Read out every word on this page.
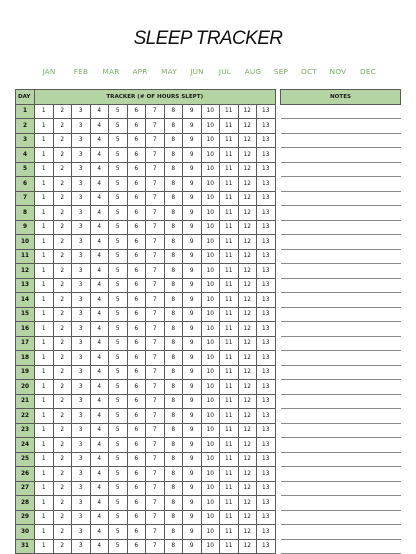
SLEEP TRACKER
JAN	FEB	MAR	APR	MAY	JUN	JUL	AUG	SEP	OCT	NOV	DEC
DAY	TRACKER (# OF HOURS SLEPT)												
1	1	2	3	4	5	6	7	8	9	10	11	12	13
2	1	2	3	4	5	6	7	8	9	10	11	12	13
3	1	2	3	4	5	6	7	8	9	10	11	12	13
4	1	2	3	4	5	6	7	8	9	10	11	12	13
5	1	2	3	4	5	6	7	8	9	10	11	12	13
6	1	2	3	4	5	6	7	8	9	10	11	12	13
7	1	2	3	4	5	6	7	8	9	10	11	12	13
8	1	2	3	4	5	6	7	8	9	10	11	12	13
9	1	2	3	4	5	6	7	8	9	10	11	12	13
10	1	2	3	4	5	6	7	8	9	10	11	12	13
11	1	2	3	4	5	6	7	8	9	10	11	12	13
12	1	2	3	4	5	6	7	8	9	10	11	12	13
13	1	2	3	4	5	6	7	8	9	10	11	12	13
14	1	2	3	4	5	6	7	8	9	10	11	12	13
15	1	2	3	4	5	6	7	8	9	10	11	12	13
16	1	2	3	4	5	6	7	8	9	10	11	12	13
17	1	2	3	4	5	6	7	8	9	10	11	12	13
18	1	2	3	4	5	6	7	8	9	10	11	12	13
19	1	2	3	4	5	6	7	8	9	10	11	12	13
20	1	2	3	4	5	6	7	8	9	10	11	12	13
21	1	2	3	4	5	6	7	8	9	10	11	12	13
22	1	2	3	4	5	6	7	8	9	10	11	12	13
23	1	2	3	4	5	6	7	8	9	10	11	12	13
24	1	2	3	4	5	6	7	8	9	10	11	12	13
25	1	2	3	4	5	6	7	8	9	10	11	12	13
26	1	2	3	4	5	6	7	8	9	10	11	12	13
27	1	2	3	4	5	6	7	8	9	10	11	12	13
28	1	2	3	4	5	6	7	8	9	10	11	12	13
29	1	2	3	4	5	6	7	8	9	10	11	12	13
30	1	2	3	4	5	6	7	8	9	10	11	12	13
31	1	2	3	4	5	6	7	8	9	10	11	12	13
NOTES
